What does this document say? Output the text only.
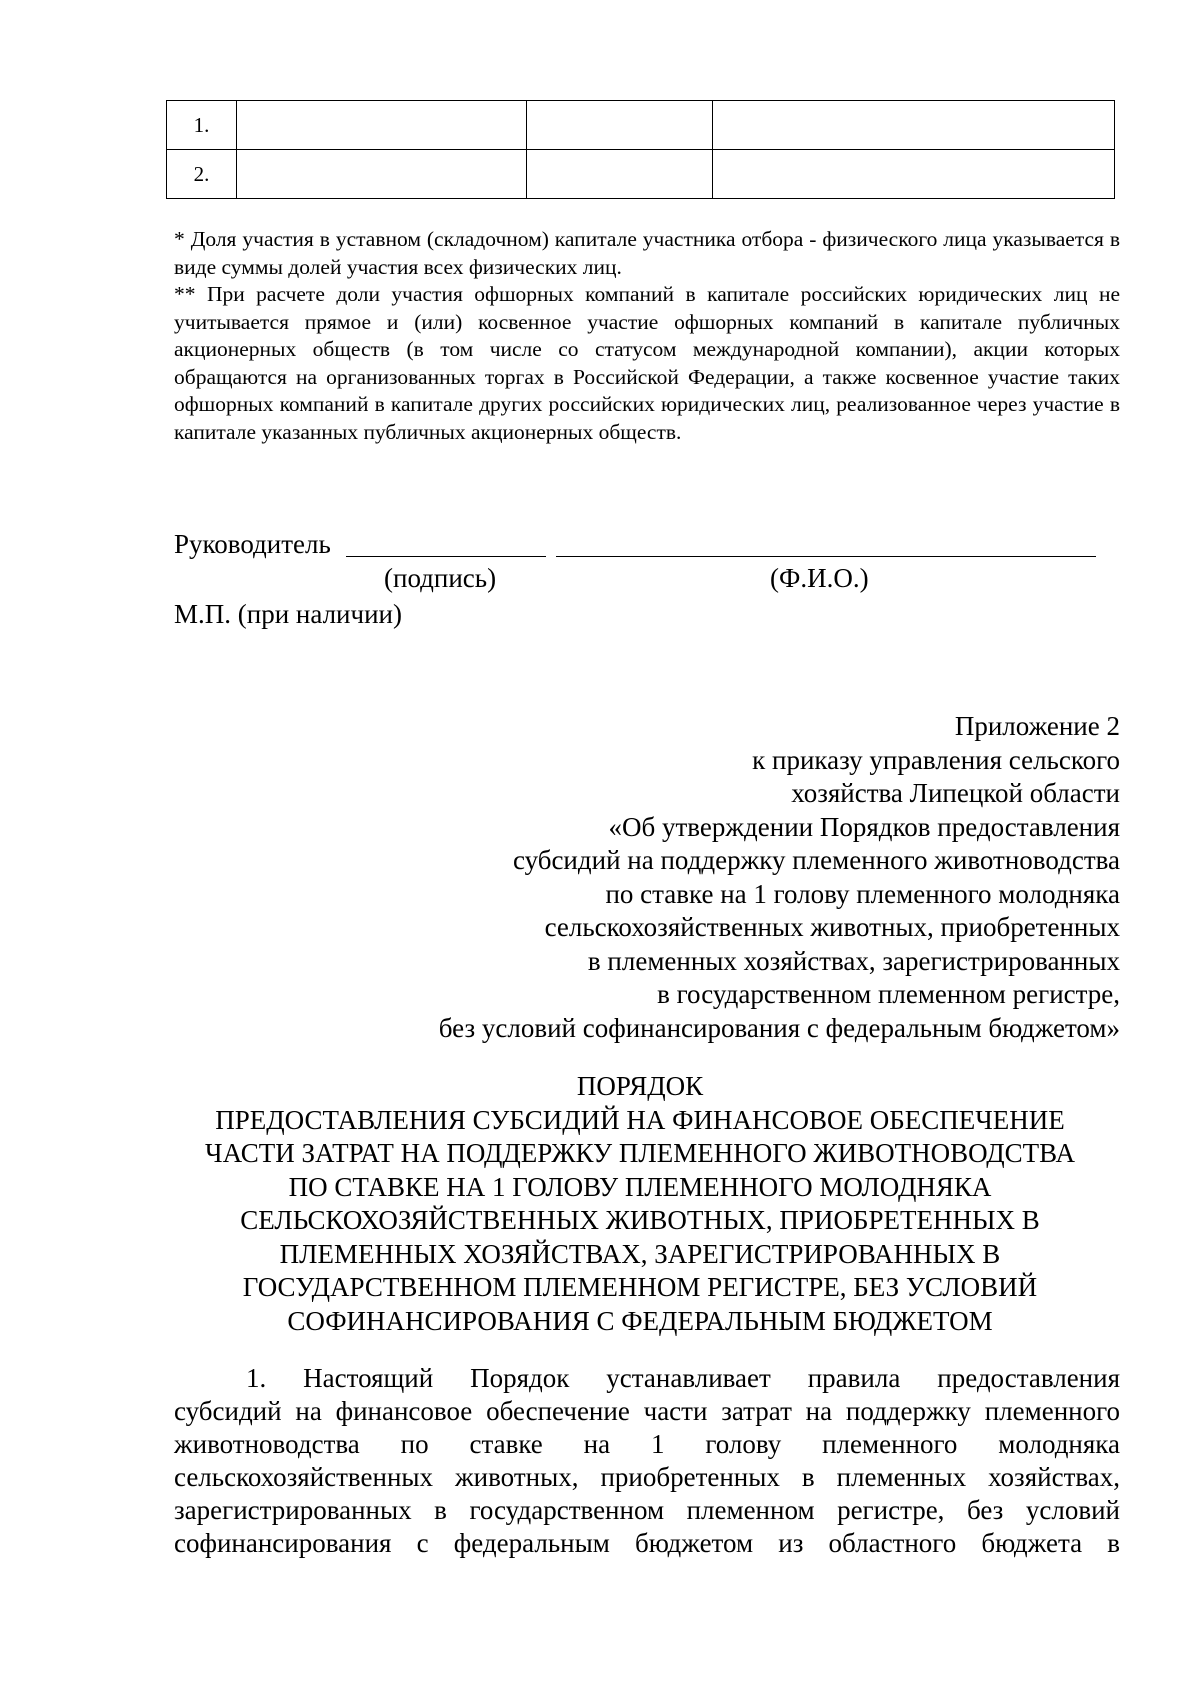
1.			
2.			

* Доля участия в уставном (складочном) капитале участника отбора - физического лица указывается в виде суммы долей участия всех физических лиц.

** При расчете доли участия офшорных компаний в капитале российских юридических лиц не учитывается прямое и (или) косвенное участие офшорных компаний в капитале публичных акционерных обществ (в том числе со статусом международной компании), акции которых обращаются на организованных торгах в Российской Федерации, а также косвенное участие таких офшорных компаний в капитале других российских юридических лиц, реализованное через участие в капитале указанных публичных акционерных обществ.

Руководитель
(подпись)	(Ф.И.О.)
М.П. (при наличии)
Приложение 2
к приказу управления сельского
хозяйства Липецкой области
«Об утверждении Порядков предоставления
субсидий на поддержку племенного животноводства
по ставке на 1 голову племенного молодняка
сельскохозяйственных животных, приобретенных
в племенных хозяйствах, зарегистрированных
в государственном племенном регистре,
без условий софинансирования с федеральным бюджетом»
ПОРЯДОК
ПРЕДОСТАВЛЕНИЯ СУБСИДИЙ НА ФИНАНСОВОЕ ОБЕСПЕЧЕНИЕ
ЧАСТИ ЗАТРАТ НА ПОДДЕРЖКУ ПЛЕМЕННОГО ЖИВОТНОВОДСТВА
ПО СТАВКЕ НА 1 ГОЛОВУ ПЛЕМЕННОГО МОЛОДНЯКА
СЕЛЬСКОХОЗЯЙСТВЕННЫХ ЖИВОТНЫХ, ПРИОБРЕТЕННЫХ В
ПЛЕМЕННЫХ ХОЗЯЙСТВАХ, ЗАРЕГИСТРИРОВАННЫХ В
ГОСУДАРСТВЕННОМ ПЛЕМЕННОМ РЕГИСТРЕ, БЕЗ УСЛОВИЙ
СОФИНАНСИРОВАНИЯ С ФЕДЕРАЛЬНЫМ БЮДЖЕТОМ
1. Настоящий Порядок устанавливает правила предоставления
субсидий на финансовое обеспечение части затрат на поддержку племенного
животноводства по ставке на 1 голову племенного молодняка
сельскохозяйственных животных, приобретенных в племенных хозяйствах,
зарегистрированных в государственном племенном регистре, без условий
софинансирования с федеральным бюджетом из областного бюджета в
